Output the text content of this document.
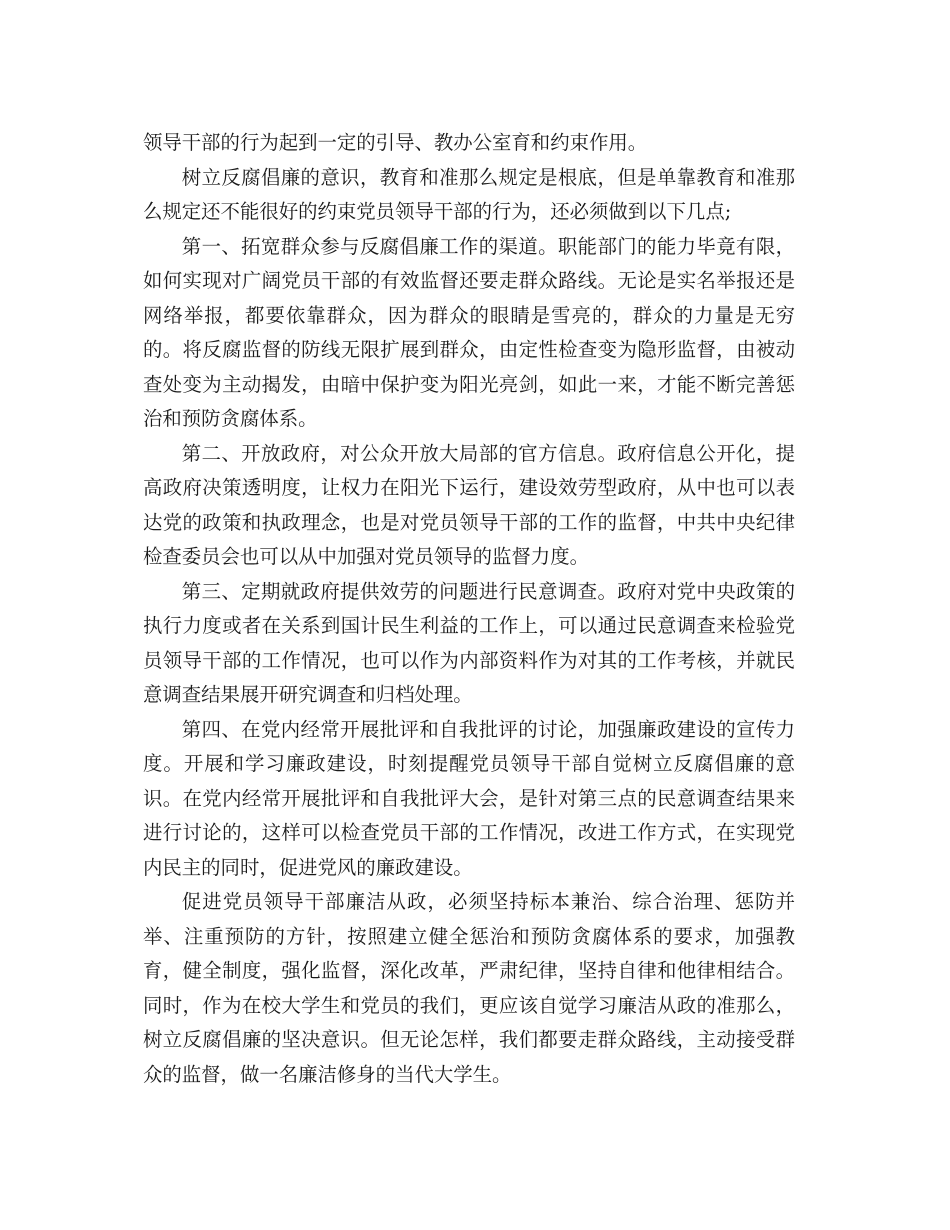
领导干部的行为起到一定的引导、教办公室育和约束作用。

树立反腐倡廉的意识，教育和准那么规定是根底，但是单靠教育和准那么规定还不能很好的约束党员领导干部的行为，还必须做到以下几点;

第一、拓宽群众参与反腐倡廉工作的渠道。职能部门的能力毕竟有限，如何实现对广阔党员干部的有效监督还要走群众路线。无论是实名举报还是网络举报，都要依靠群众，因为群众的眼睛是雪亮的，群众的力量是无穷的。将反腐监督的防线无限扩展到群众，由定性检查变为隐形监督，由被动查处变为主动揭发，由暗中保护变为阳光亮剑，如此一来，才能不断完善惩治和预防贪腐体系。

第二、开放政府，对公众开放大局部的官方信息。政府信息公开化，提高政府决策透明度，让权力在阳光下运行，建设效劳型政府，从中也可以表达党的政策和执政理念，也是对党员领导干部的工作的监督，中共中央纪律检查委员会也可以从中加强对党员领导的监督力度。

第三、定期就政府提供效劳的问题进行民意调查。政府对党中央政策的执行力度或者在关系到国计民生利益的工作上，可以通过民意调查来检验党员领导干部的工作情况，也可以作为内部资料作为对其的工作考核，并就民意调查结果展开研究调查和归档处理。

第四、在党内经常开展批评和自我批评的讨论，加强廉政建设的宣传力度。开展和学习廉政建设，时刻提醒党员领导干部自觉树立反腐倡廉的意识。在党内经常开展批评和自我批评大会，是针对第三点的民意调查结果来进行讨论的，这样可以检查党员干部的工作情况，改进工作方式，在实现党内民主的同时，促进党风的廉政建设。

促进党员领导干部廉洁从政，必须坚持标本兼治、综合治理、惩防并举、注重预防的方针，按照建立健全惩治和预防贪腐体系的要求，加强教育，健全制度，强化监督，深化改革，严肃纪律，坚持自律和他律相结合。同时，作为在校大学生和党员的我们，更应该自觉学习廉洁从政的准那么，树立反腐倡廉的坚决意识。但无论怎样，我们都要走群众路线，主动接受群众的监督，做一名廉洁修身的当代大学生。
